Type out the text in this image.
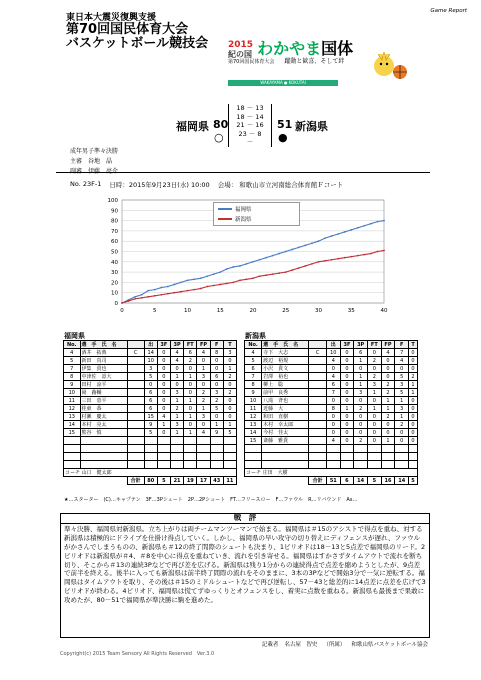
Game Report
東日本大震災復興支援
第70回国民体育大会
バスケットボール競技会	2015
紀の国 わかやま国体
第70回国民体育大会 躍動と歓喜、そして絆
WAKAYAMA ● KOKUTAI
成年男子準々決勝
主審　 谷地　晶

福岡県 80	51 新潟県
○	●
18 － 13
18 － 14
21 － 16
23 － 8
－
No. 23F-1 日時：2015年9月23日(水) 10:00 会場： 和歌山市立河南総合体育館Ｆコート
0
10
20
30
40
50
60
70
80
90
100
0	5	10	15	20	25	30	35	40
福岡県
新潟県
福岡県	新潟県
No.	選　手　氏　名		出	3F	3P	FT	FP	F	T
4	酒井　拓典	C	14	0	4	6	4	8	3
5	新田　真司		10	0	4	2	0	0	0
7	伊集　貴也		3	0	0	0	1	0	1
8	中津佐　諄大		5	0	1	1	3	6	2
9	田村　涼平		0	0	0	0	0	0	0
10	岡　蕗輔		6	0	3	0	2	3	2
11	三田　恵平		6	0	1	1	2	2	0
12	桂東　恭		6	0	2	0	1	5	0
13	村瀬　慶太		15	4	1	1	3	0	0
14	本村　亮太		9	1	3	0	0	1	1
15	熊谷　慎		5	0	1	1	4	9	5

コーチ 山口　健太郎									
		合計	80	5	21	19	17	43	11
No.	選　手　氏　名		出	3F	3P	FT	FP	F	T
4	寺下　大志	C	10	0	6	0	4	7	0
5	渡辺　裕規		4	0	1	2	0	4	0
6	小沢　貴文		0	0	0	0	0	0	0
7	岩澤　裕也		4	0	1	2	0	5	2
8	柳上　聡		6	0	1	3	2	3	1
9	前甲　良秀		7	0	3	1	2	5	1
10	八滝　斉也		0	0	0	0	1	1	0
11	近藤　大		8	1	2	1	1	3	0
12	和田　直樹		0	0	0	0	2	1	0
13	木村　幸太郎		0	0	0	0	0	2	0
14	今村　佳太		0	0	0	0	0	0	0
15	斎藤　雅貴		4	0	2	0	1	0	0

コーチ 庄田　大樹									
		合計	51	6	14	5	16	14	5
★…スターター　(C)…キャプテン　3F…3Pシュート　2P…2Pシュート　FT…フリースロー　F…ファウル　R…リバウンド　As…
戦　評
準々決勝、福岡県対新潟県。立ち上がりは両チームマンツーマンで始まる。福岡県は＃15のアシストで得点を重ね、対する新潟県は積極的にドライブを仕掛け得点していく。しかし、福岡県の早い攻守の切り替えにディフェンスが遅れ、ファウルがかさんでしまうものの、新潟県も＃12の終了間際のシュートも決まり、1ピリオドは18－13と5点差で福岡県のリード。2ピリオドは新潟県が＃4、＃8を中心に得点を重ねていき、流れを引き寄せる。福岡県はすかさずタイムアウトで流れを断ち切り、そこから＃13の連続3Pなどで再び差を広げる。新潟県は残り1分からの連続得点で点差を縮めようとしたが、9点差で前半を終える。後半に入っても新潟県は前半終了間際の流れをそのままに、3本の3Pなどで開始3分で一気に逆転する。福岡県はタイムアウトを取り、その後は＃15のミドルシュートなどで再び逆転し、57－43と総差的に14点差に点差を広げて3ピリオドが終わる。4ピリオド、福岡県は慌てずゆっくりとオフェンスをし、着実に点数を重ねる。新潟県も最後まで果敢に攻めたが、80－51で福岡県が準決勝に駒を進めた。
記載者 名古屋　智史 （所属） 和歌山県バスケットボール協会
Copyright(c) 2015 Team Sensory All Rights Reserved　Ver.3.0
